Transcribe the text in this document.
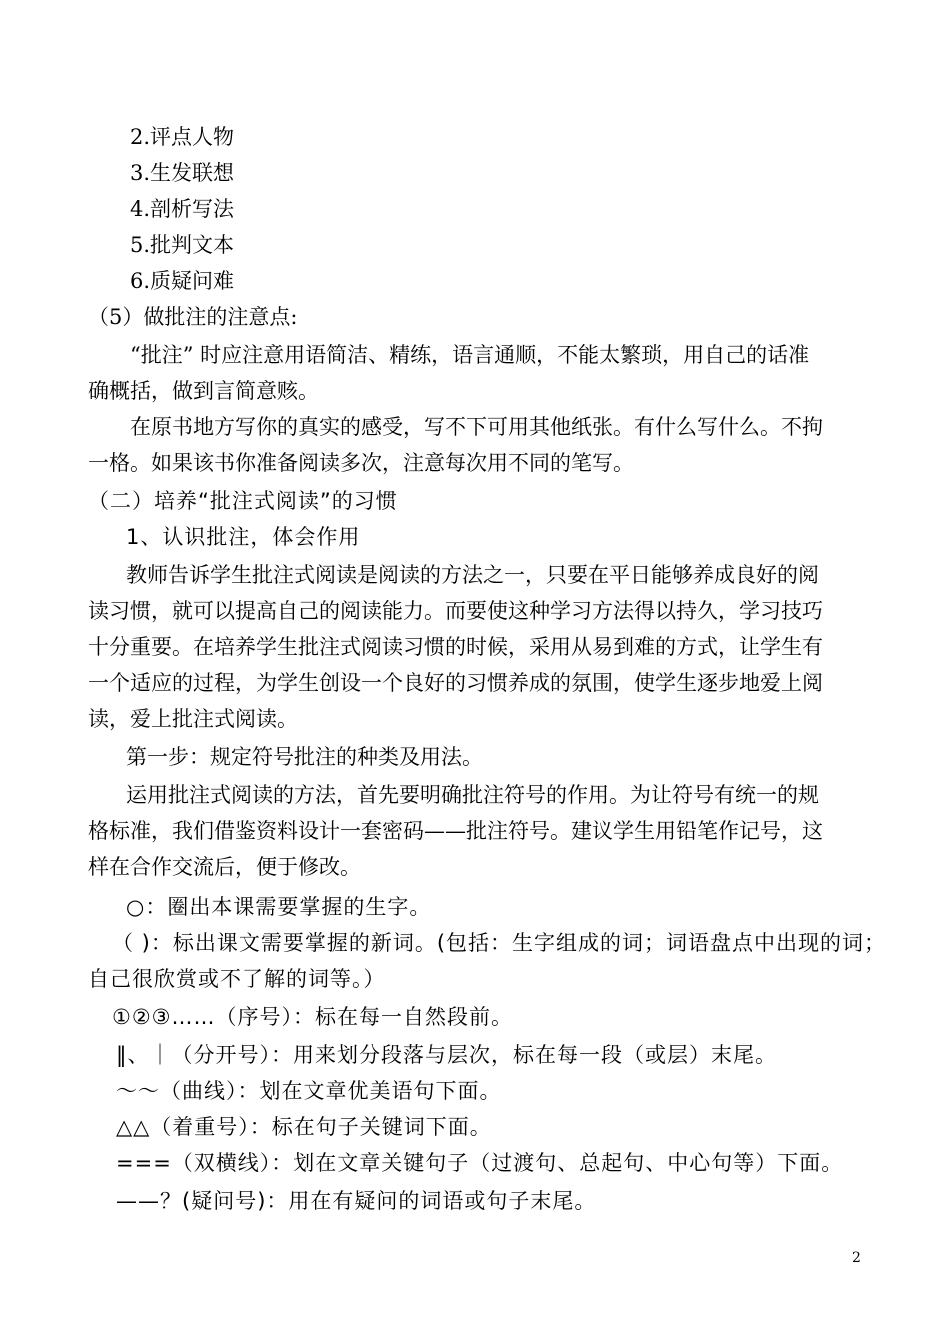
2.评点人物
3.生发联想
4.剖析写法
5.批判文本
6.质疑问难
（5）做批注的注意点:
“批注” 时应注意用语简洁、精练，语言通顺，不能太繁琐，用自己的话准
确概括，做到言简意赅。
在原书地方写你的真实的感受，写不下可用其他纸张。有什么写什么。不拘
一格。如果该书你准备阅读多次，注意每次用不同的笔写。
（二）培养“批注式阅读”的习惯
1、认识批注，体会作用
教师告诉学生批注式阅读是阅读的方法之一，只要在平日能够养成良好的阅
读习惯，就可以提高自己的阅读能力。而要使这种学习方法得以持久，学习技巧
十分重要。在培养学生批注式阅读习惯的时候，采用从易到难的方式，让学生有
一个适应的过程，为学生创设一个良好的习惯养成的氛围，使学生逐步地爱上阅
读，爱上批注式阅读。
第一步：规定符号批注的种类及用法。
运用批注式阅读的方法，首先要明确批注符号的作用。为让符号有统一的规
格标准，我们借鉴资料设计一套密码——批注符号。建议学生用铅笔作记号，这
样在合作交流后，便于修改。
○：圈出本课需要掌握的生字。
（ )：标出课文需要掌握的新词。(包括：生字组成的词；词语盘点中出现的词；
自己很欣赏或不了解的词等。）
①②③……（序号）：标在每一自然段前。
‖、｜（分开号）：用来划分段落与层次，标在每一段（或层）末尾。
～～（曲线）：划在文章优美语句下面。
△△（着重号）：标在句子关键词下面。
===（双横线）：划在文章关键句子（过渡句、总起句、中心句等）下面。
——？(疑问号)：用在有疑问的词语或句子末尾。
2
